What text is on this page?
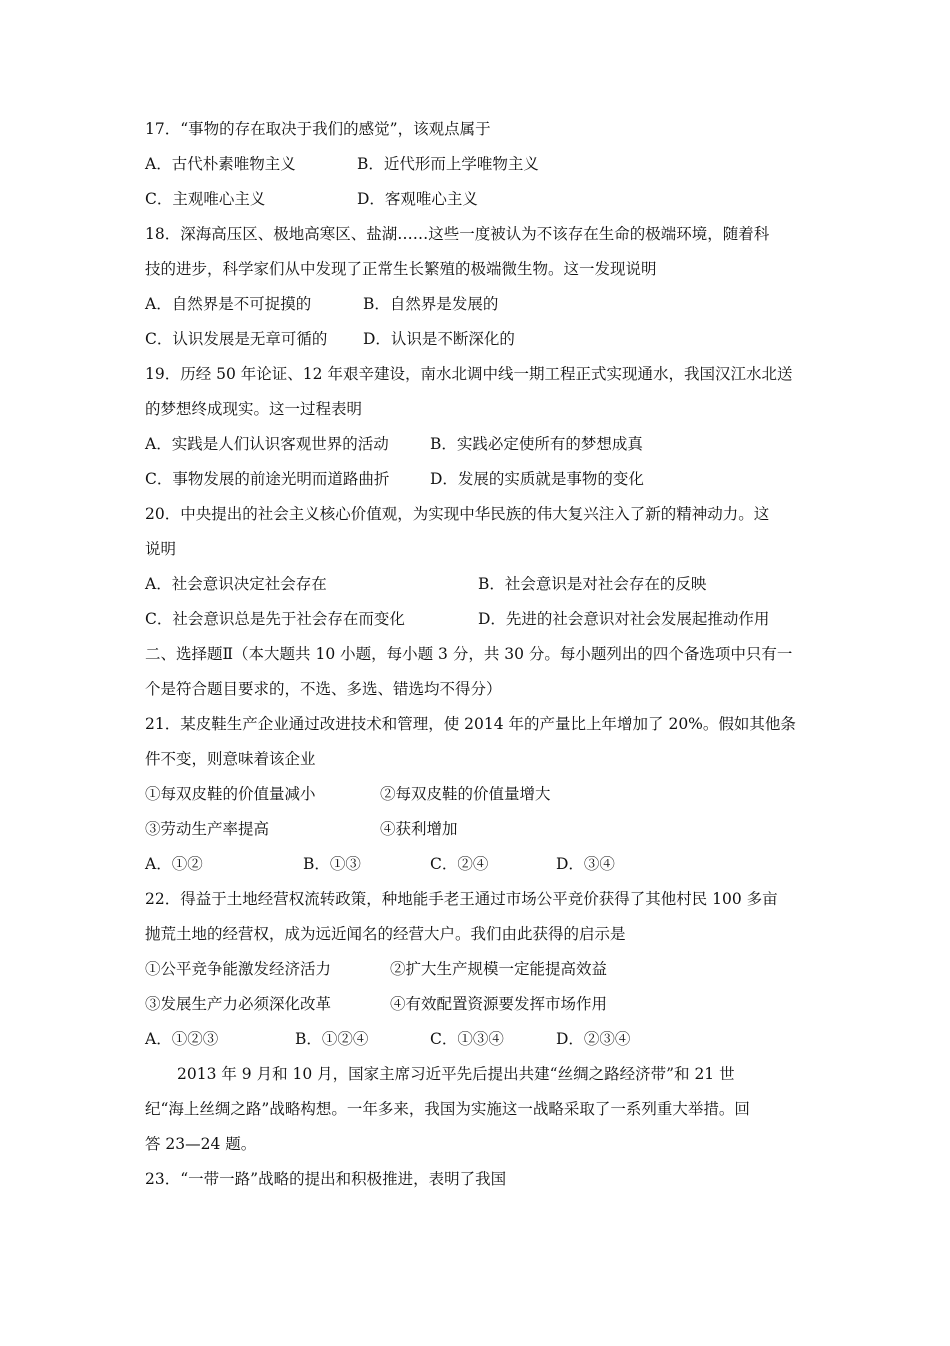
17．“事物的存在取决于我们的感觉”，该观点属于
A．古代朴素唯物主义	B．近代形而上学唯物主义
C．主观唯心主义	D．客观唯心主义
18．深海高压区、极地高寒区、盐湖……这些一度被认为不该存在生命的极端环境，随着科
技的进步，科学家们从中发现了正常生长繁殖的极端微生物。这一发现说明
A．自然界是不可捉摸的	B．自然界是发展的
C．认识发展是无章可循的 D．认识是不断深化的
19．历经 50 年论证、12 年艰辛建设，南水北调中线一期工程正式实现通水，我国汉江水北送
的梦想终成现实。这一过程表明
A．实践是人们认识客观世界的活动	B．实践必定使所有的梦想成真
C．事物发展的前途光明而道路曲折	D．发展的实质就是事物的变化
20．中央提出的社会主义核心价值观，为实现中华民族的伟大复兴注入了新的精神动力。这
说明
A．社会意识决定社会存在	B．社会意识是对社会存在的反映
C．社会意识总是先于社会存在而变化	D．先进的社会意识对社会发展起推动作用
二、选择题Ⅱ（本大题共 10 小题，每小题 3 分，共 30 分。每小题列出的四个备选项中只有一
个是符合题目要求的，不选、多选、错选均不得分）
21．某皮鞋生产企业通过改进技术和管理，使 2014 年的产量比上年增加了 20%。假如其他条
件不变，则意味着该企业
①每双皮鞋的价值量减小	②每双皮鞋的价值量增大
③劳动生产率提高	④获利增加
A．①②	B．①③	C．②④	D．③④
22．得益于土地经营权流转政策，种地能手老王通过市场公平竞价获得了其他村民 100 多亩
抛荒土地的经营权，成为远近闻名的经营大户。我们由此获得的启示是
①公平竞争能激发经济活力	②扩大生产规模一定能提高效益
③发展生产力必须深化改革	④有效配置资源要发挥市场作用
A．①②③	B．①②④	C．①③④	D．②③④
2013 年 9 月和 10 月，国家主席习近平先后提出共建“丝绸之路经济带”和 21 世
纪“海上丝绸之路”战略构想。一年多来，我国为实施这一战略采取了一系列重大举措。回
答 23—24 题。
23．“一带一路”战略的提出和积极推进，表明了我国
